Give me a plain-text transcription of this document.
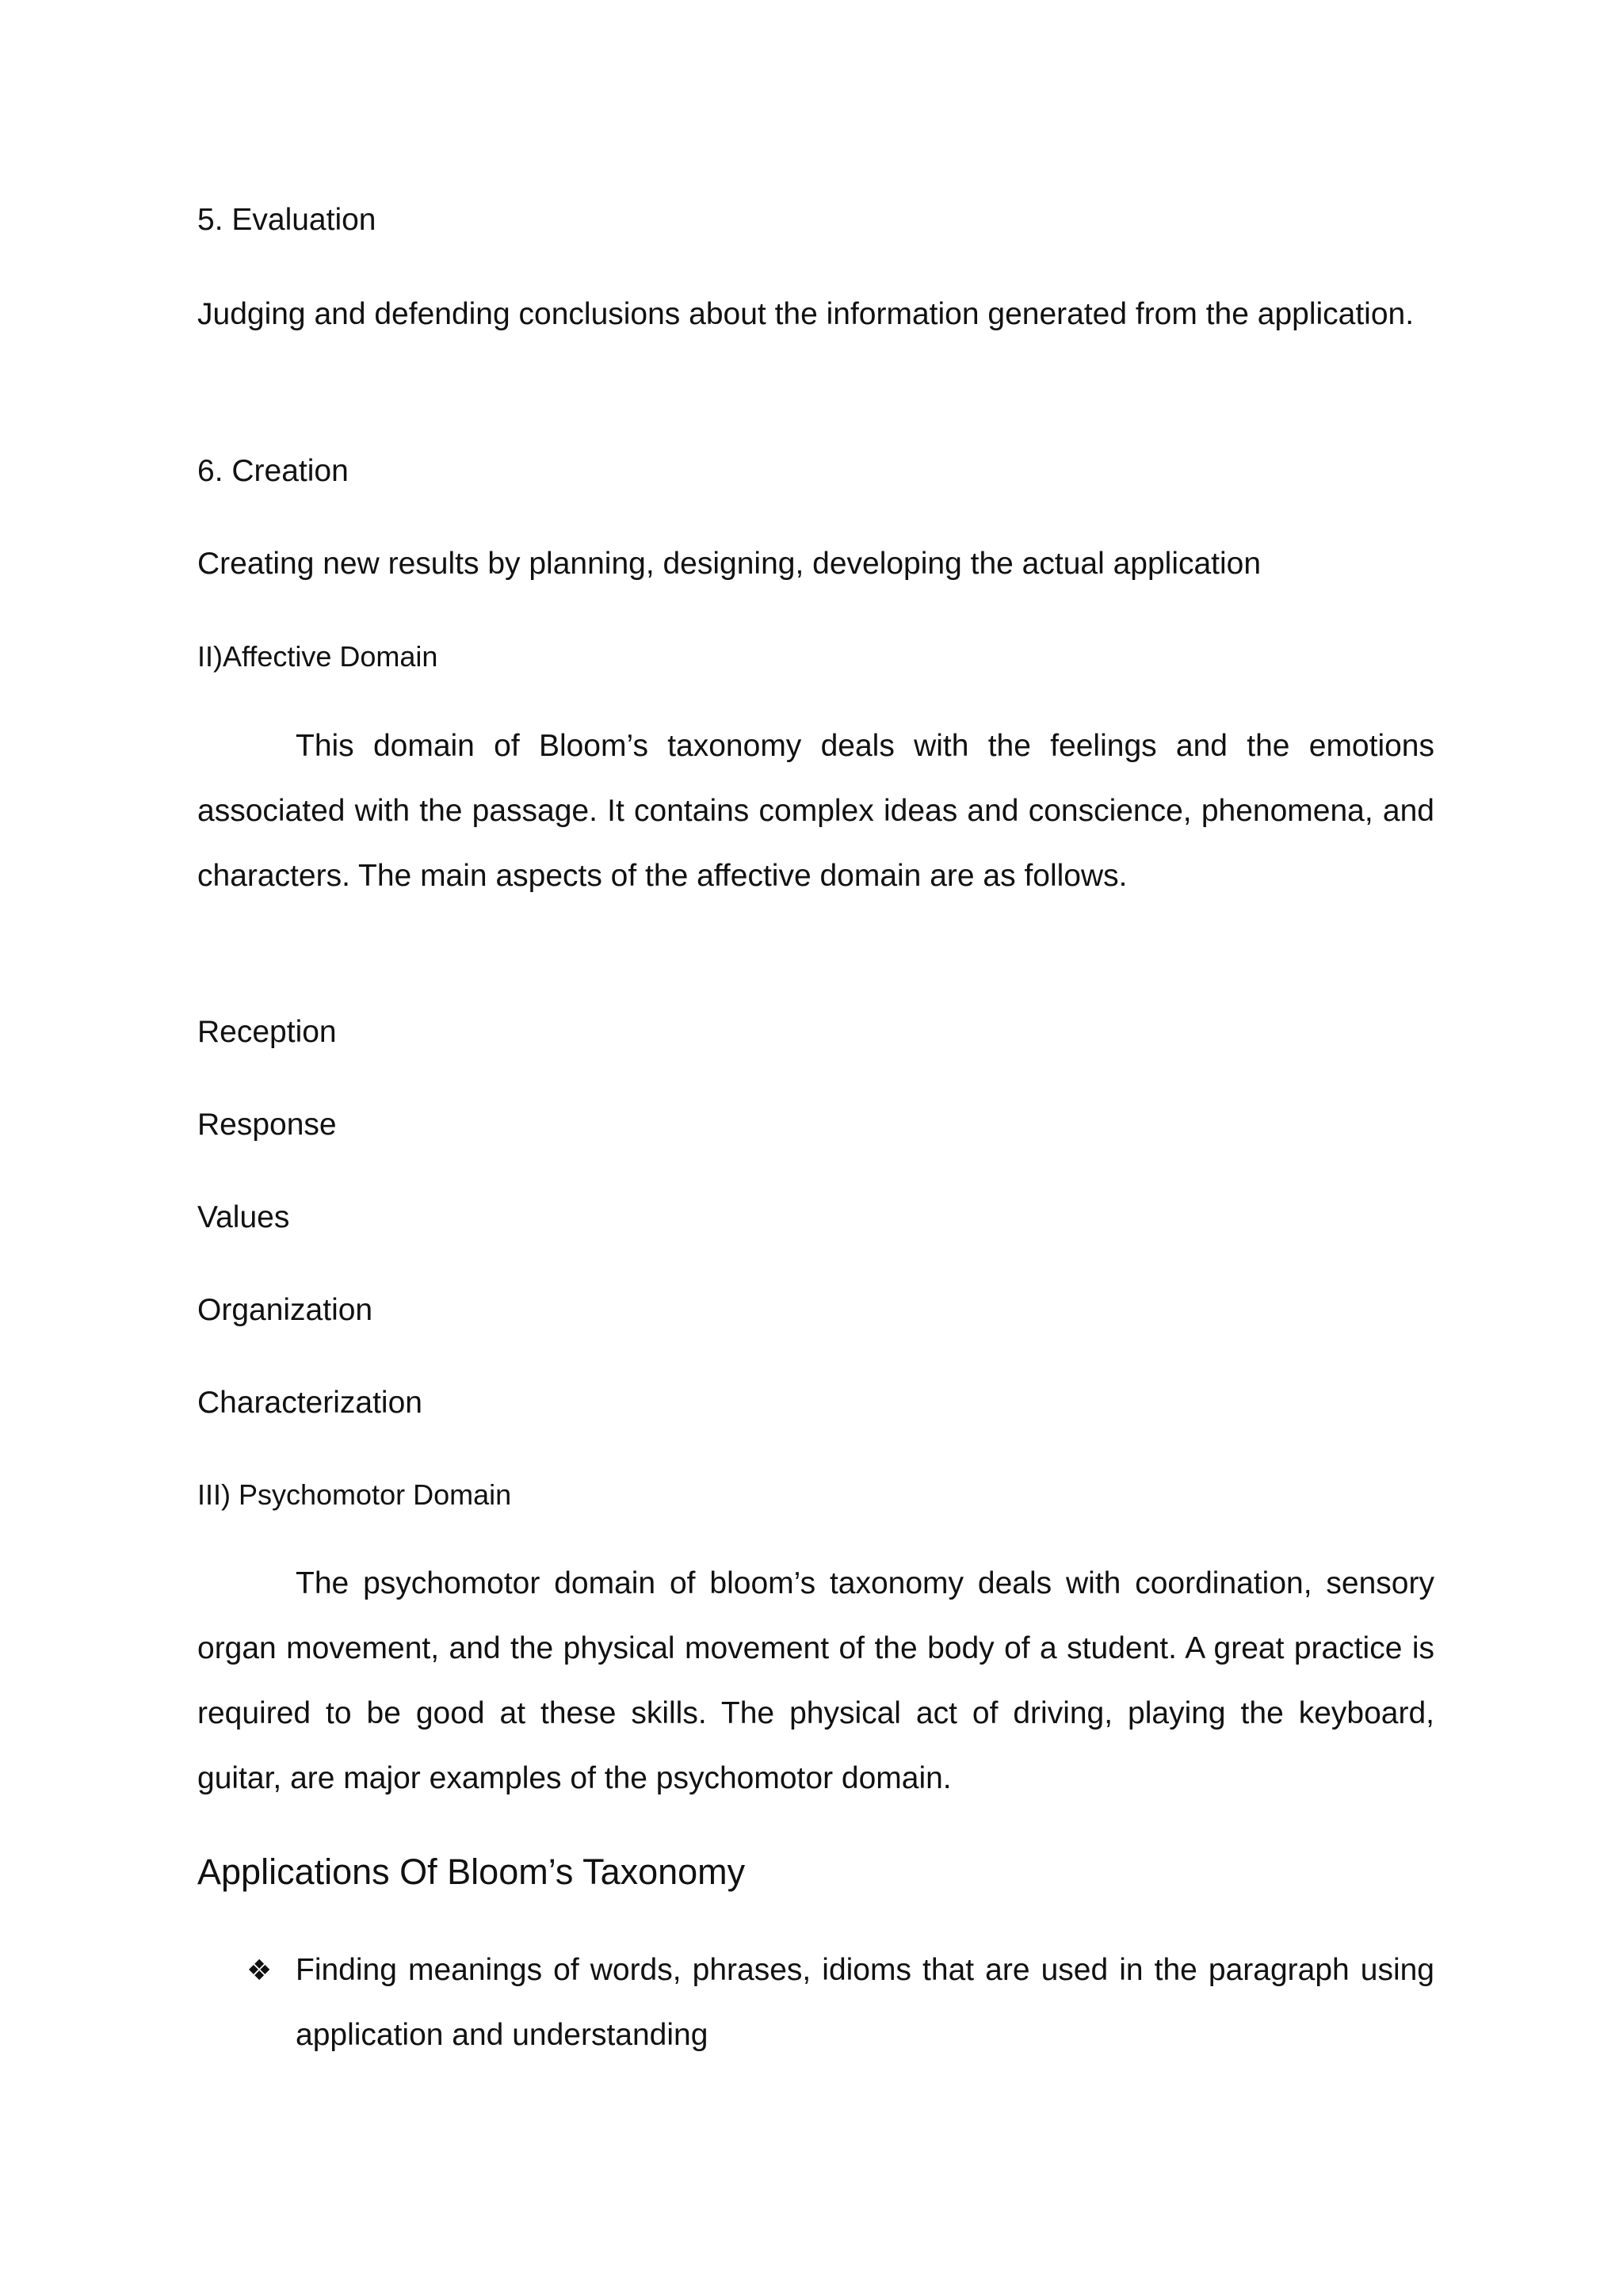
5. Evaluation

Judging and defending conclusions about the information generated from the application.

6. Creation

Creating new results by planning, designing, developing the actual application

II)Affective Domain

This domain of Bloom’s taxonomy deals with the feelings and the emotions associated with the passage. It contains complex ideas and conscience, phenomena, and characters. The main aspects of the affective domain are as follows.

Reception

Response

Values

Organization

Characterization

III) Psychomotor Domain

The psychomotor domain of bloom’s taxonomy deals with coordination, sensory organ movement, and the physical movement of the body of a student. A great practice is required to be good at these skills. The physical act of driving, playing the keyboard, guitar, are major examples of the psychomotor domain.

Applications Of Bloom’s Taxonomy

❖ Finding meanings of words, phrases, idioms that are used in the paragraph using application and understanding
